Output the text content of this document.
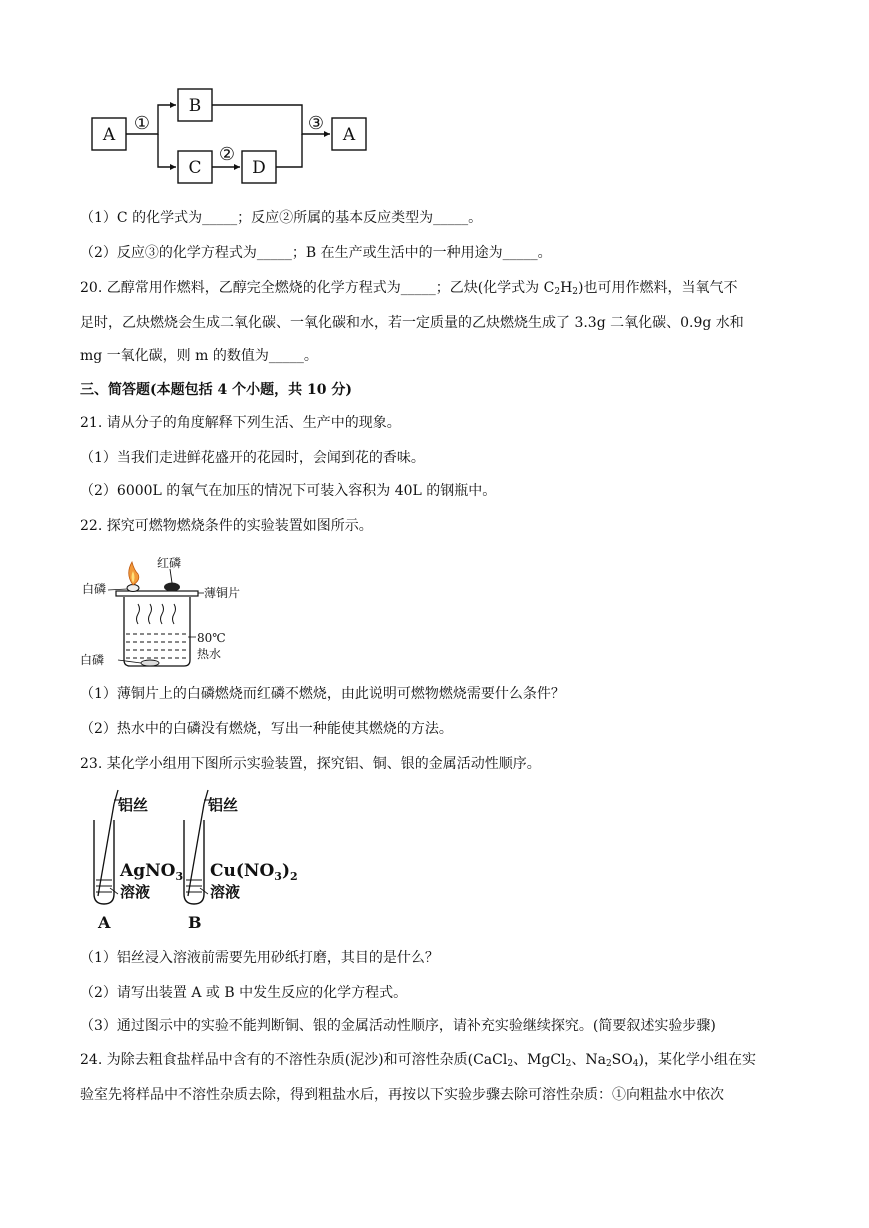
A
B
C	D
A
①
②
③
（1）C 的化学式为_____；反应②所属的基本反应类型为_____。
（2）反应③的化学方程式为_____；B 在生产或生活中的一种用途为_____。
20. 乙醇常用作燃料，乙醇完全燃烧的化学方程式为_____；乙炔(化学式为 $C_2H_2$)也可用作燃料，当氧气不
足时，乙炔燃烧会生成二氧化碳、一氧化碳和水，若一定质量的乙炔燃烧生成了 3.3g 二氧化碳、0.9g 水和
mg 一氧化碳，则 m 的数值为_____。
三、简答题(本题包括 4 个小题，共 10 分)
21. 请从分子的角度解释下列生活、生产中的现象。
（1）当我们走进鲜花盛开的花园时，会闻到花的香味。
（2）6000L 的氧气在加压的情况下可装入容积为 40L 的钢瓶中。
22. 探究可燃物燃烧条件的实验装置如图所示。
白磷
红磷
薄铜片
80℃
热水
白磷
（1）薄铜片上的白磷燃烧而红磷不燃烧，由此说明可燃物燃烧需要什么条件？
（2）热水中的白磷没有燃烧，写出一种能使其燃烧的方法。
23. 某化学小组用下图所示实验装置，探究铝、铜、银的金属活动性顺序。
铝丝	铝丝
AgNO$_3$ $Cu(NO_3)_2$
溶液	溶液
A	B
（1）铝丝浸入溶液前需要先用砂纸打磨，其目的是什么？
（2）请写出装置 A 或 B 中发生反应的化学方程式。
（3）通过图示中的实验不能判断铜、银的金属活动性顺序，请补充实验继续探究。(简要叙述实验步骤)
24. 为除去粗食盐样品中含有的不溶性杂质(泥沙)和可溶性杂质(CaCl$_2$、MgCl$_2$、$Na_2SO_4$)，某化学小组在实
验室先将样品中不溶性杂质去除，得到粗盐水后，再按以下实验步骤去除可溶性杂质：①向粗盐水中依次
